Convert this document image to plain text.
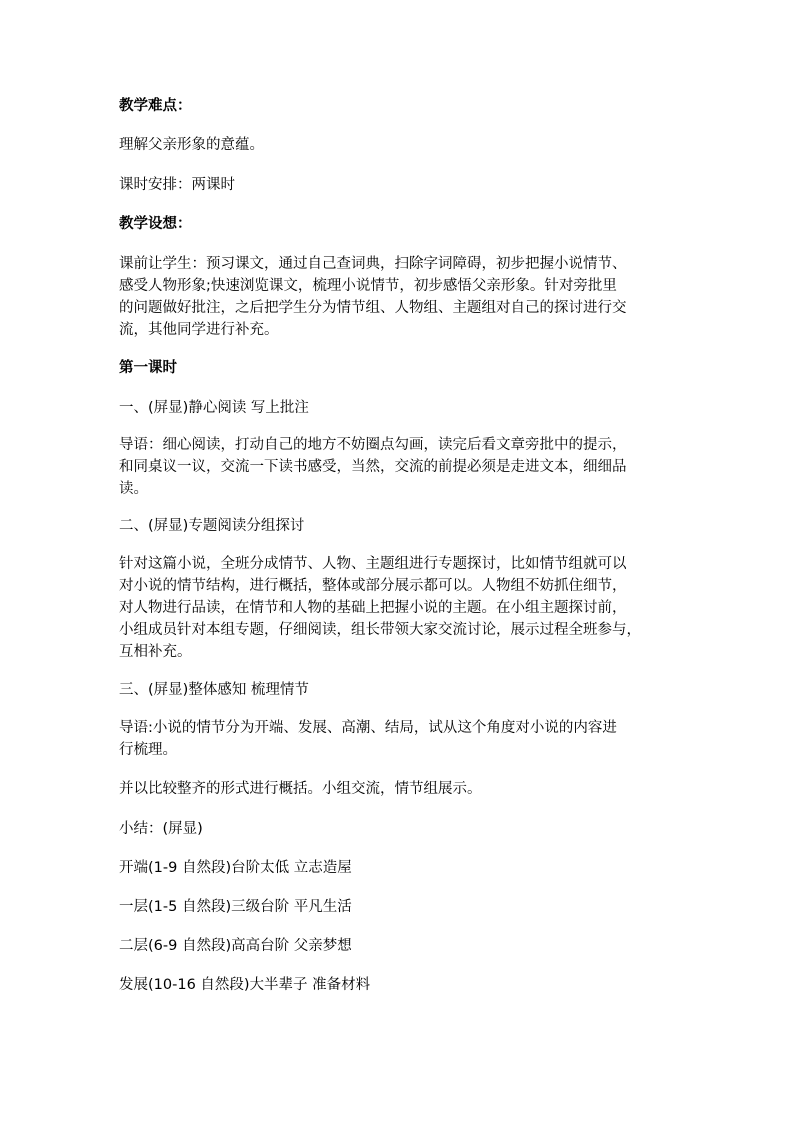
教学难点：
理解父亲形象的意蕴。
课时安排：两课时
教学设想：
课前让学生：预习课文，通过自己查词典，扫除字词障碍，初步把握小说情节、
感受人物形象;快速浏览课文，梳理小说情节，初步感悟父亲形象。针对旁批里
的问题做好批注，之后把学生分为情节组、人物组、主题组对自己的探讨进行交
流，其他同学进行补充。
第一课时
一、(屏显)静心阅读 写上批注
导语：细心阅读，打动自己的地方不妨圈点勾画，读完后看文章旁批中的提示，
和同桌议一议，交流一下读书感受，当然，交流的前提必须是走进文本，细细品
读。
二、(屏显)专题阅读分组探讨
针对这篇小说，全班分成情节、人物、主题组进行专题探讨，比如情节组就可以
对小说的情节结构，进行概括，整体或部分展示都可以。人物组不妨抓住细节，
对人物进行品读，在情节和人物的基础上把握小说的主题。在小组主题探讨前，
小组成员针对本组专题，仔细阅读，组长带领大家交流讨论，展示过程全班参与，
互相补充。
三、(屏显)整体感知 梳理情节
导语:小说的情节分为开端、发展、高潮、结局，试从这个角度对小说的内容进
行梳理。
并以比较整齐的形式进行概括。小组交流，情节组展示。
小结：(屏显)
开端(1-9 自然段)台阶太低 立志造屋
一层(1-5 自然段)三级台阶 平凡生活
二层(6-9 自然段)高高台阶 父亲梦想
发展(10-16 自然段)大半辈子 准备材料
